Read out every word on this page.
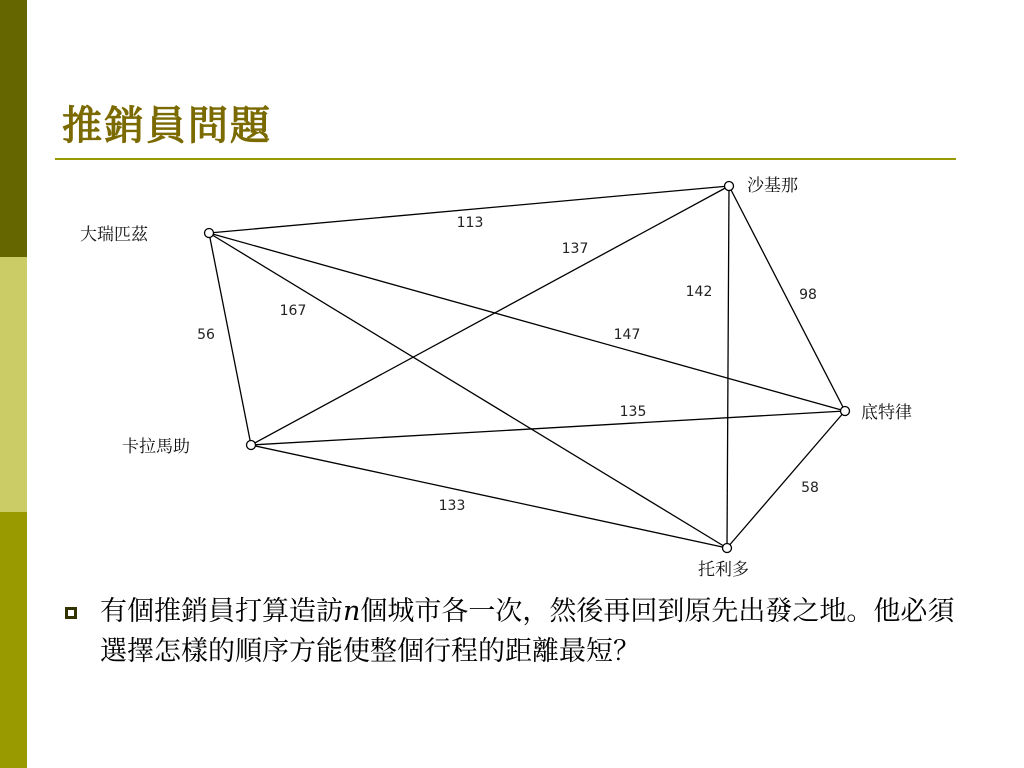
推銷員問題
113
137
142	98
167
147
56
135
133
58
大瑞匹茲
沙基那
底特律
托利多
卡拉馬助
有個推銷員打算造訪n個城市各一次，然後再回到原先出發之地。他必須選擇怎樣的順序方能使整個行程的距離最短？
